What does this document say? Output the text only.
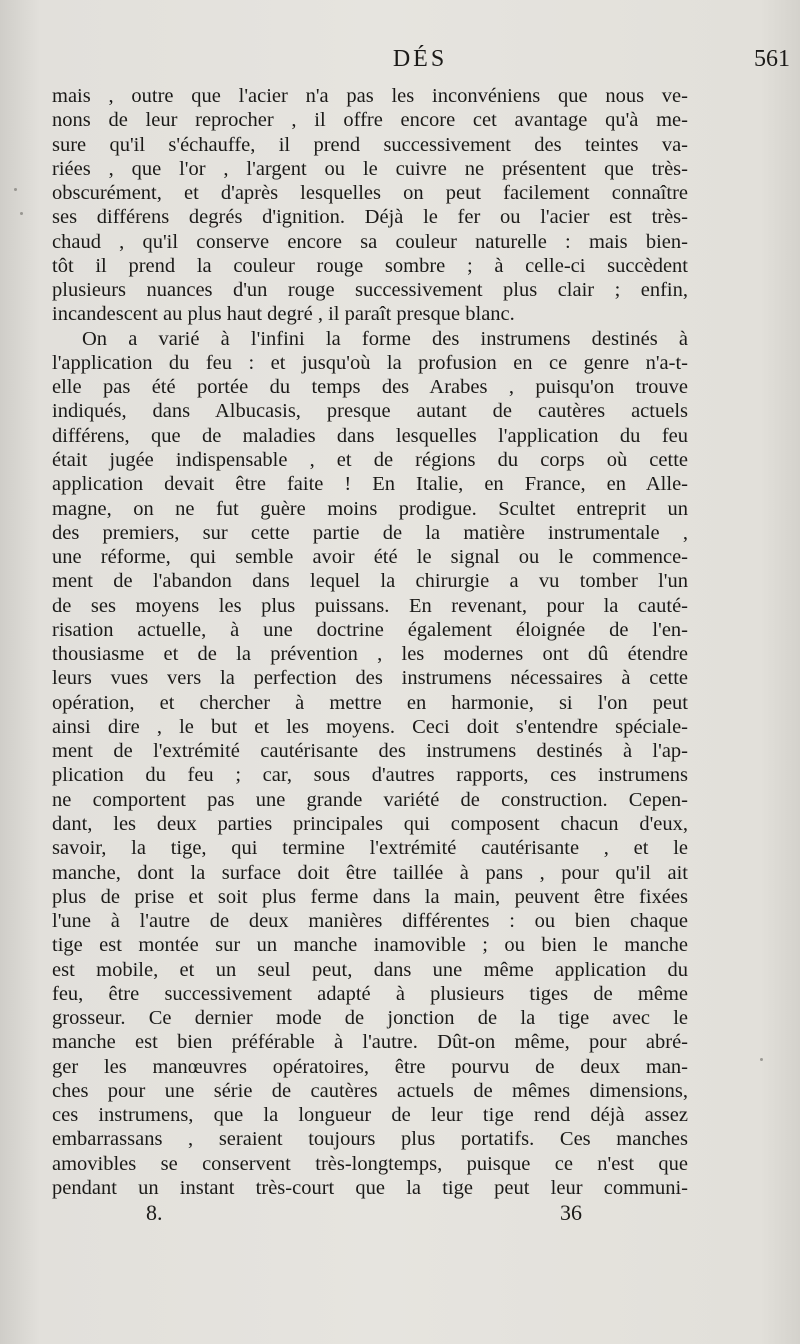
DÉS	561
mais , outre que l'acier n'a pas les inconvéniens que nous ve-
nons de leur reprocher , il offre encore cet avantage qu'à me-
sure qu'il s'échauffe, il prend successivement des teintes va-
riées , que l'or , l'argent ou le cuivre ne présentent que très-
obscurément, et d'après lesquelles on peut facilement connaître
ses différens degrés d'ignition. Déjà le fer ou l'acier est très-
chaud , qu'il conserve encore sa couleur naturelle : mais bien-
tôt il prend la couleur rouge sombre ; à celle-ci succèdent
plusieurs nuances d'un rouge successivement plus clair ; enfin,
incandescent au plus haut degré , il paraît presque blanc.
On a varié à l'infini la forme des instrumens destinés à
l'application du feu : et jusqu'où la profusion en ce genre n'a-t-
elle pas été portée du temps des Arabes , puisqu'on trouve
indiqués, dans Albucasis, presque autant de cautères actuels
différens, que de maladies dans lesquelles l'application du feu
était jugée indispensable , et de régions du corps où cette
application devait être faite ! En Italie, en France, en Alle-
magne, on ne fut guère moins prodigue. Scultet entreprit un
des premiers, sur cette partie de la matière instrumentale ,
une réforme, qui semble avoir été le signal ou le commence-
ment de l'abandon dans lequel la chirurgie a vu tomber l'un
de ses moyens les plus puissans. En revenant, pour la cauté-
risation actuelle, à une doctrine également éloignée de l'en-
thousiasme et de la prévention , les modernes ont dû étendre
leurs vues vers la perfection des instrumens nécessaires à cette
opération, et chercher à mettre en harmonie, si l'on peut
ainsi dire , le but et les moyens. Ceci doit s'entendre spéciale-
ment de l'extrémité cautérisante des instrumens destinés à l'ap-
plication du feu ; car, sous d'autres rapports, ces instrumens
ne comportent pas une grande variété de construction. Cepen-
dant, les deux parties principales qui composent chacun d'eux,
savoir, la tige, qui termine l'extrémité cautérisante , et le
manche, dont la surface doit être taillée à pans , pour qu'il ait
plus de prise et soit plus ferme dans la main, peuvent être fixées
l'une à l'autre de deux manières différentes : ou bien chaque
tige est montée sur un manche inamovible ; ou bien le manche
est mobile, et un seul peut, dans une même application du
feu, être successivement adapté à plusieurs tiges de même
grosseur. Ce dernier mode de jonction de la tige avec le
manche est bien préférable à l'autre. Dût-on même, pour abré-
ger les manœuvres opératoires, être pourvu de deux man-
ches pour une série de cautères actuels de mêmes dimensions,
ces instrumens, que la longueur de leur tige rend déjà assez
embarrassans , seraient toujours plus portatifs. Ces manches
amovibles se conservent très-longtemps, puisque ce n'est que
pendant un instant très-court que la tige peut leur communi-
8.	36
